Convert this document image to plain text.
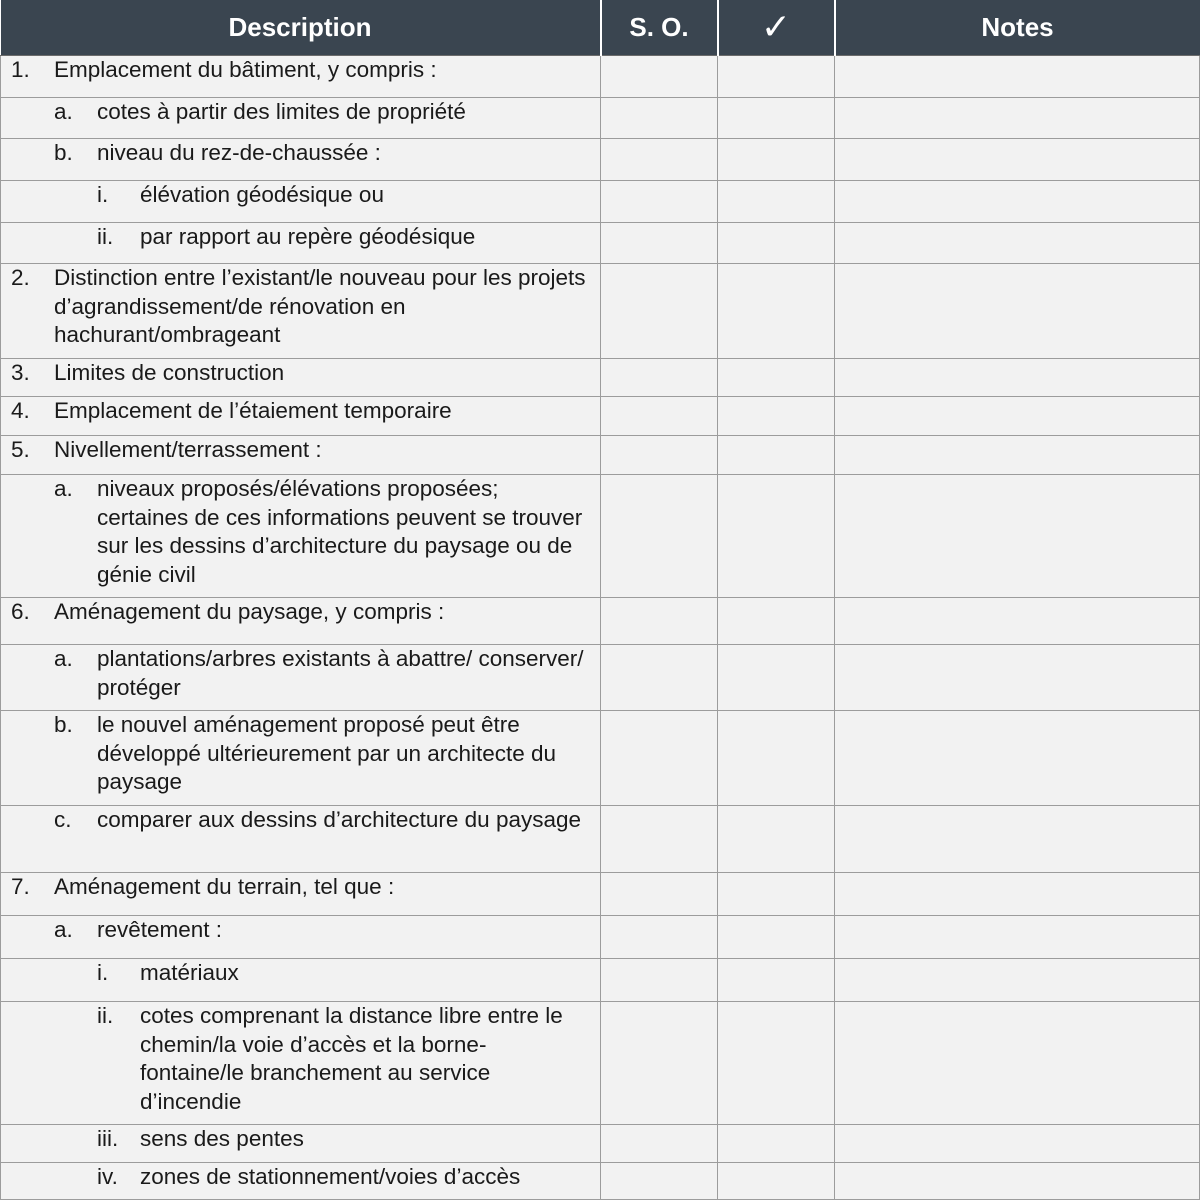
Description	S. O.	✓	Notes

1. Emplacement du bâtiment, y compris :			

a. cotes à partir des limites de propriété			

b. niveau du rez-de-chaussée :			

i. élévation géodésique ou			

ii. par rapport au repère géodésique			

2. Distinction entre l’existant/le nouveau pour les projets d’agrandissement/de rénovation en hachurant/ombrageant			

3. Limites de construction			

4. Emplacement de l’étaiement temporaire			

5. Nivellement/terrassement :			

a. niveaux proposés/élévations proposées; certaines de ces informations peuvent se trouver sur les dessins d’architecture du paysage ou de génie civil			

6. Aménagement du paysage, y compris :			

a. plantations/arbres existants à abattre/ conserver/ protéger			

b. le nouvel aménagement proposé peut être développé ultérieurement par un architecte du paysage			

c. comparer aux dessins d’architecture du paysage			

7. Aménagement du terrain, tel que :			

a. revêtement :			

i. matériaux			

ii. cotes comprenant la distance libre entre le chemin/la voie d’accès et la borne-fontaine/le branchement au service d’incendie			

iii. sens des pentes			

iv. zones de stationnement/voies d’accès			
